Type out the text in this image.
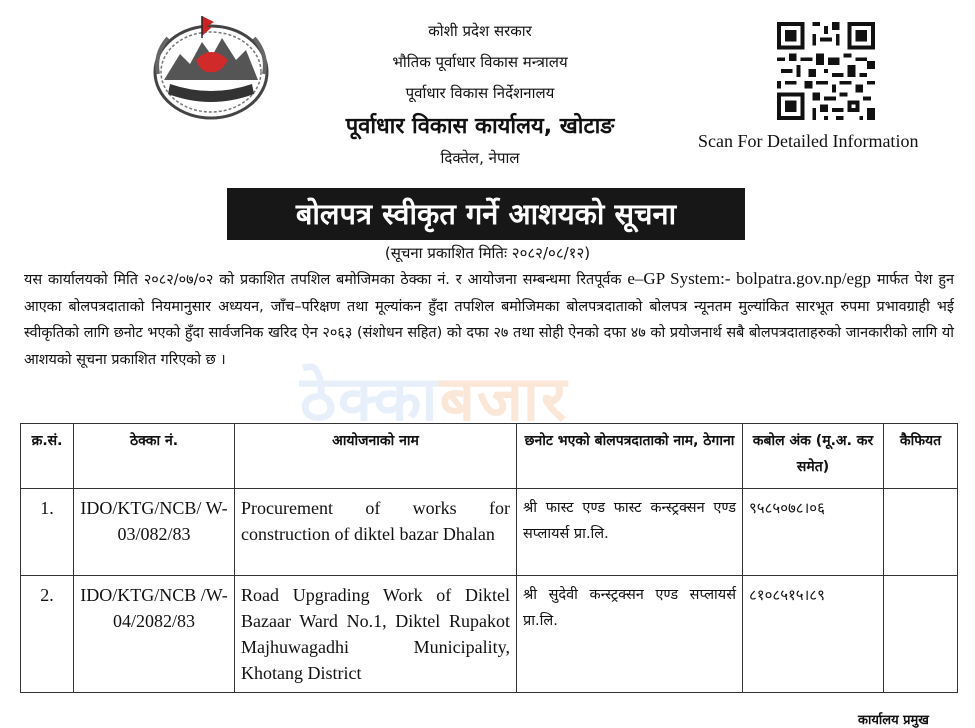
कोशी प्रदेश सरकार
भौतिक पूर्वाधार विकास मन्त्रालय
पूर्वाधार विकास निर्देशनालय
पूर्वाधार विकास कार्यालय, खोटाङ
दिक्तेल, नेपाल
Scan For Detailed Information
बोलपत्र स्वीकृत गर्ने आशयको सूचना
(सूचना प्रकाशित मितिः २०८२/०८/१२)
ठेक्काबजार
यस कार्यालयको मिति २०८२/०७/०२ को प्रकाशित तपशिल बमोजिमका ठेक्का नं. र आयोजना सम्बन्धमा रितपूर्वक e–GP System:- bolpatra.gov.np/egp मार्फत पेश हुन आएका बोलपत्रदाताको नियमानुसार अध्ययन, जाँच–परिक्षण तथा मूल्यांकन हुँदा तपशिल बमोजिमका बोलपत्रदाताको बोलपत्र न्यूनतम मुल्यांकित सारभूत रुपमा प्रभावग्राही भई स्वीकृतिको लागि छनोट भएको हुँदा सार्वजनिक खरिद ऐन २०६३ (संशोधन सहित) को दफा २७ तथा सोही ऐनको दफा ४७ को प्रयोजनार्थ सबै बोलपत्रदाताहरुको जानकारीको लागि यो आशयको सूचना प्रकाशित गरिएको छ ।
क्र.सं.	ठेक्का नं.	आयोजनाको नाम	छनोट भएको बोलपत्रदाताको नाम, ठेगाना	कबोल अंक (मू.अ. कर समेत)	कैफियत
1.	IDO/KTG/NCB/ W-03/082/83	Procurement of works for construction of diktel bazar Dhalan	श्री फास्ट एण्ड फास्ट कन्स्ट्रक्सन एण्ड सप्लायर्स प्रा.लि.	९५८५०७८।०६	
2.	IDO/KTG/NCB /W-04/2082/83	Road Upgrading Work of Diktel Bazaar Ward No.1, Diktel Rupakot Majhuwagadhi Municipality, Khotang District	श्री सुदेवी कन्स्ट्रक्सन एण्ड सप्लायर्स प्रा.लि.	८१०८५१५।८९	
कार्यालय प्रमुख
